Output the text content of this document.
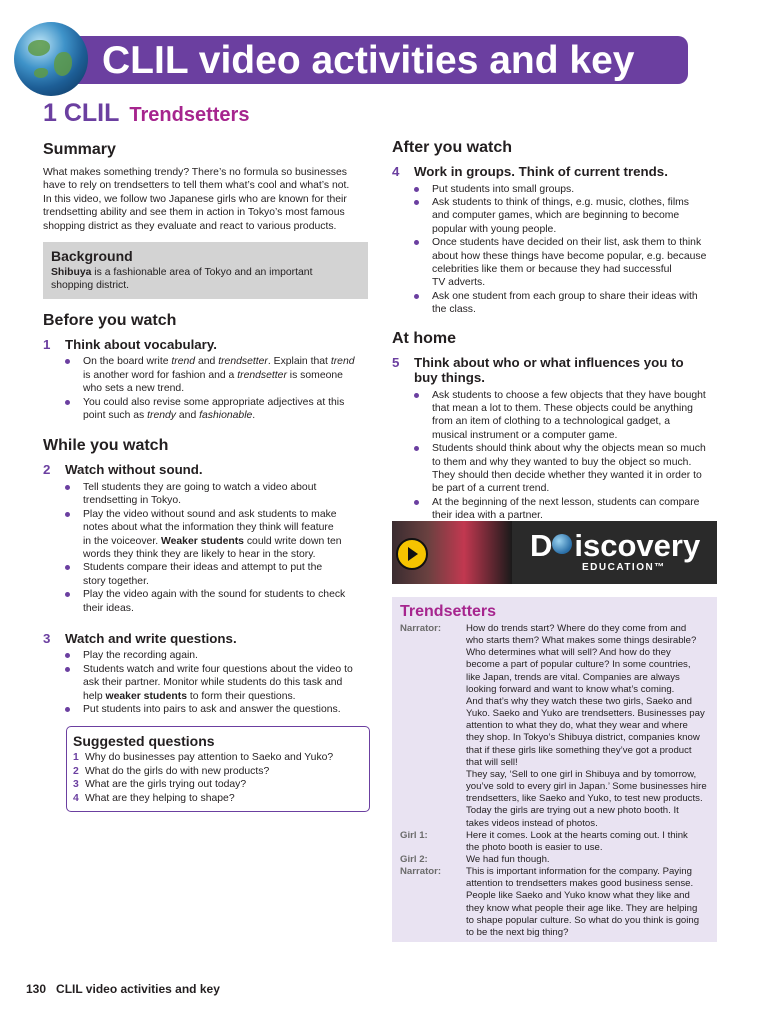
CLIL video activities and key
1 CLIL Trendsetters
Summary

What makes something trendy? There’s no formula so businesses
have to rely on trendsetters to tell them what’s cool and what’s not.
In this video, we follow two Japanese girls who are known for their
trendsetting ability and see them in action in Tokyo’s most famous
shopping district as they evaluate and react to various products.

Background

Shibuya is a fashionable area of Tokyo and an important
shopping district.

Before you watch
1	Think about vocabulary.
On the board write trend and trendsetter. Explain that trend
is another word for fashion and a trendsetter is someone
who sets a new trend.
You could also revise some appropriate adjectives at this
point such as trendy and fashionable.
While you watch
2	Watch without sound.
Tell students they are going to watch a video about
trendsetting in Tokyo.
Play the video without sound and ask students to make
notes about what the information they think will feature
in the voiceover. Weaker students could write down ten
words they think they are likely to hear in the story.
Students compare their ideas and attempt to put the
story together.
Play the video again with the sound for students to check
their ideas.
3	Watch and write questions.
Play the recording again.
Students watch and write four questions about the video to
ask their partner. Monitor while students do this task and
help weaker students to form their questions.
Put students into pairs to ask and answer the questions.
Suggested questions
1 Why do businesses pay attention to Saeko and Yuko?
2 What do the girls do with new products?
3 What are the girls trying out today?
4 What are they helping to shape?
After you watch
4	Work in groups. Think of current trends.
Put students into small groups.
Ask students to think of things, e.g. music, clothes, films
and computer games, which are beginning to become
popular with young people.
Once students have decided on their list, ask them to think
about how these things have become popular, e.g. because
celebrities like them or because they had successful
TV adverts.
Ask one student from each group to share their ideas with
the class.
At home
5	Think about who or what influences you to
buy things.
Ask students to choose a few objects that they have bought
that mean a lot to them. These objects could be anything
from an item of clothing to a technological gadget, a
musical instrument or a computer game.
Students should think about why the objects mean so much
to them and why they wanted to buy the object so much.
They should then decide whether they wanted it in order to
be part of a current trend.
At the beginning of the next lesson, students can compare
their idea with a partner.
D iscovery
EDUCATION™
Trendsetters
Narrator:	How do trends start? Where do they come from and
who starts them? What makes some things desirable?
Who determines what will sell? And how do they
become a part of popular culture? In some countries,
like Japan, trends are vital. Companies are always
looking forward and want to know what’s coming.
And that’s why they watch these two girls, Saeko and
Yuko. Saeko and Yuko are trendsetters. Businesses pay
attention to what they do, what they wear and where
they shop. In Tokyo’s Shibuya district, companies know
that if these girls like something they’ve got a product
that will sell!
They say, ‘Sell to one girl in Shibuya and by tomorrow,
you’ve sold to every girl in Japan.’ Some businesses hire
trendsetters, like Saeko and Yuko, to test new products.
Today the girls are trying out a new photo booth. It
takes videos instead of photos.
Girl 1:	Here it comes. Look at the hearts coming out. I think
the photo booth is easier to use.
Girl 2:	We had fun though.
Narrator:	This is important information for the company. Paying
attention to trendsetters makes good business sense.
People like Saeko and Yuko know what they like and
they know what people their age like. They are helping
to shape popular culture. So what do you think is going
to be the next big thing?
130 CLIL video activities and key
